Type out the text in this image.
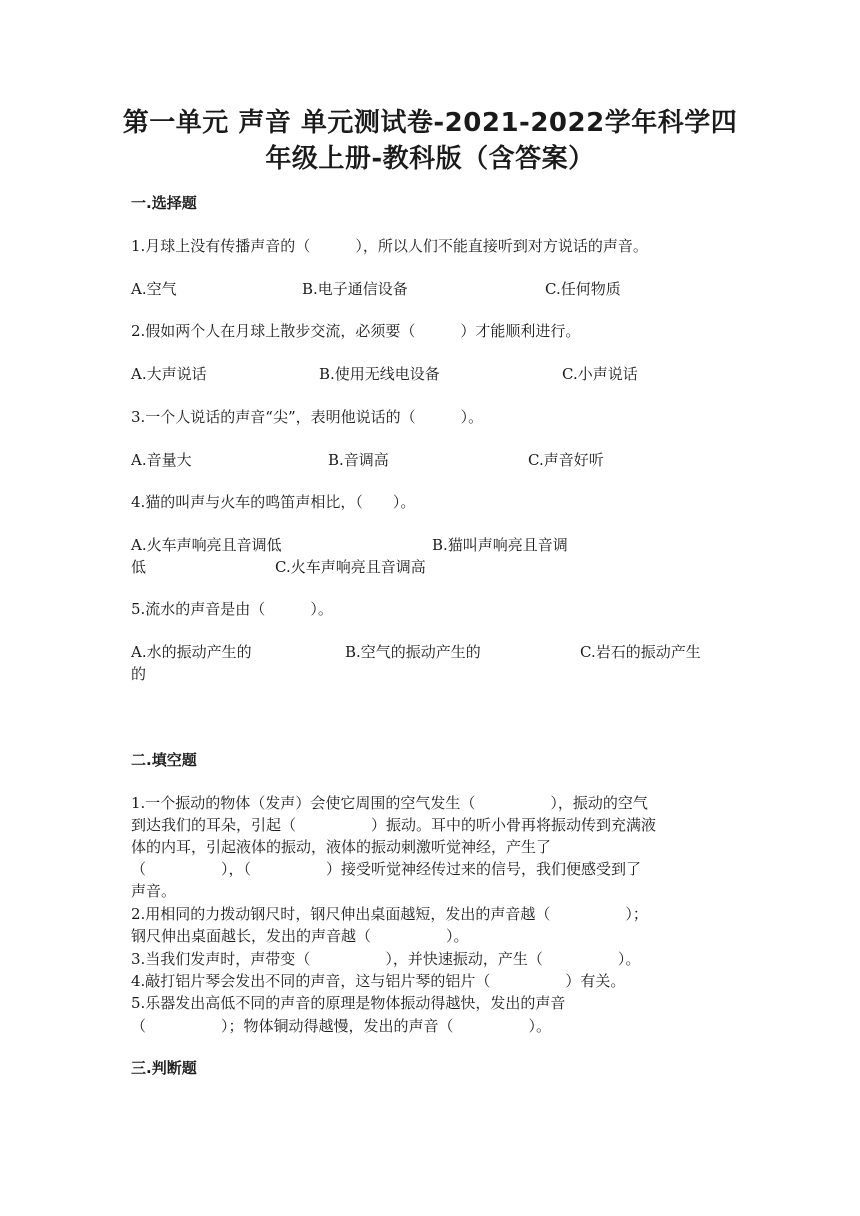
第一单元 声音 单元测试卷-2021-2022学年科学四
年级上册-教科版（含答案）
一.选择题
1.月球上没有传播声音的（　　　），所以人们不能直接听到对方说话的声音。
A.空气	B.电子通信设备	C.任何物质
2.假如两个人在月球上散步交流，必须要（　　　）才能顺利进行。
A.大声说话	B.使用无线电设备	C.小声说话
3.一个人说话的声音“尖”，表明他说话的（　　　）。
A.音量大	B.音调高	C.声音好听
4.猫的叫声与火车的鸣笛声相比，（　　）。
A.火车声响亮且音调低	B.猫叫声响亮且音调
低	C.火车声响亮且音调高
5.流水的声音是由（　　　）。
A.水的振动产生的	B.空气的振动产生的	C.岩石的振动产生
的
二.填空题
1.一个振动的物体（发声）会使它周围的空气发生（　　　　　），振动的空气
到达我们的耳朵，引起（　　　　　）振动。耳中的听小骨再将振动传到充满液
体的内耳，引起液体的振动，液体的振动刺激听觉神经，产生了
（　　　　　），（　　　　　）接受听觉神经传过来的信号，我们便感受到了
声音。
2.用相同的力拨动钢尺时，钢尺伸出桌面越短，发出的声音越（　　　　　）；
钢尺伸出桌面越长，发出的声音越（　　　　　）。
3.当我们发声时，声带变（　　　　　），并快速振动，产生（　　　　　）。
4.敲打铝片琴会发出不同的声音，这与铝片琴的铝片（　　　　　）有关。
5.乐器发出高低不同的声音的原理是物体振动得越快，发出的声音
（　　　　　）；物体铜动得越慢，发出的声音（　　　　　）。
三.判断题
